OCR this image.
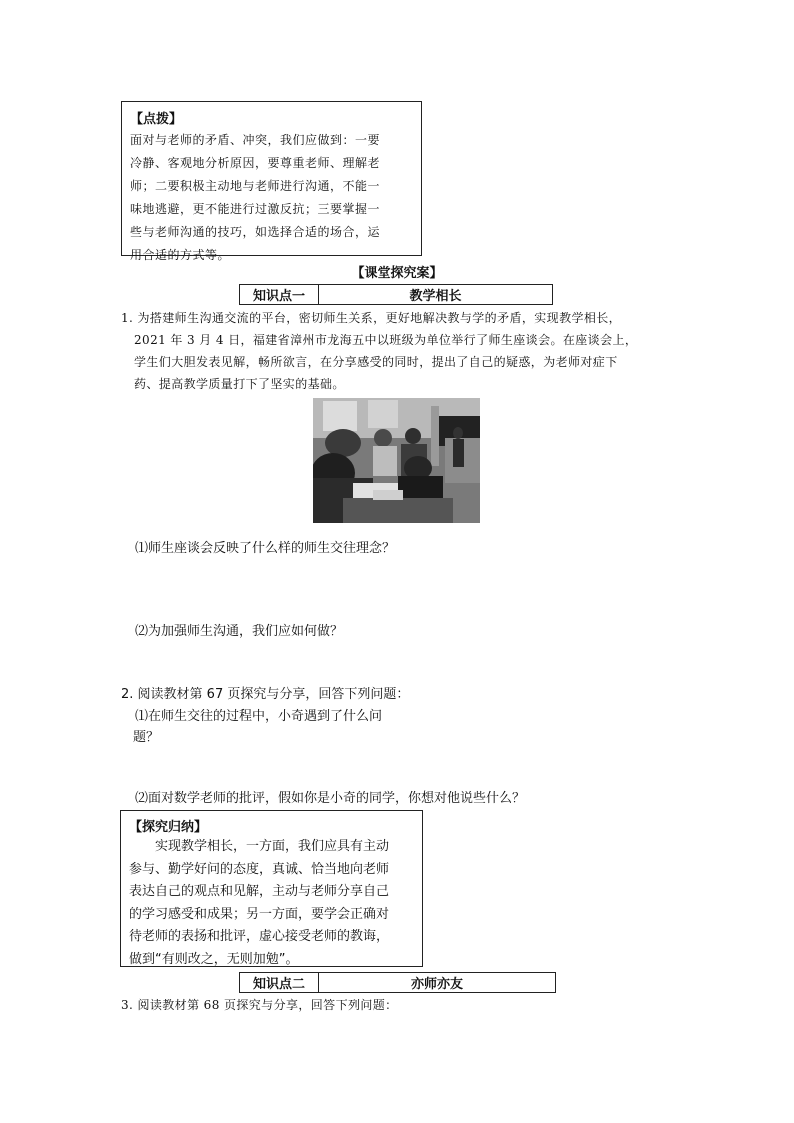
【点拨】
面对与老师的矛盾、冲突，我们应做到：一要
冷静、客观地分析原因，要尊重老师、理解老
师；二要积极主动地与老师进行沟通，不能一
味地逃避，更不能进行过激反抗；三要掌握一
些与老师沟通的技巧，如选择合适的场合，运
用合适的方式等。
【课堂探究案】
知识点一	教学相长
1. 为搭建师生沟通交流的平台，密切师生关系，更好地解决教与学的矛盾，实现教学相长，
2021 年 3 月 4 日，福建省漳州市龙海五中以班级为单位举行了师生座谈会。在座谈会上，
学生们大胆发表见解，畅所欲言，在分享感受的同时，提出了自己的疑惑，为老师对症下
药、提高教学质量打下了坚实的基础。
⑴师生座谈会反映了什么样的师生交往理念？
⑵为加强师生沟通，我们应如何做？
2. 阅读教材第 67 页探究与分享，回答下列问题：
⑴在师生交往的过程中，小奇遇到了什么问
题？
⑵面对数学老师的批评，假如你是小奇的同学，你想对他说些什么？
【探究归纳】
　　实现教学相长，一方面，我们应具有主动
参与、勤学好问的态度，真诚、恰当地向老师
表达自己的观点和见解，主动与老师分享自己
的学习感受和成果；另一方面，要学会正确对
待老师的表扬和批评，虚心接受老师的教诲，
做到“有则改之，无则加勉”。
知识点二	亦师亦友
3. 阅读教材第 68 页探究与分享，回答下列问题：
